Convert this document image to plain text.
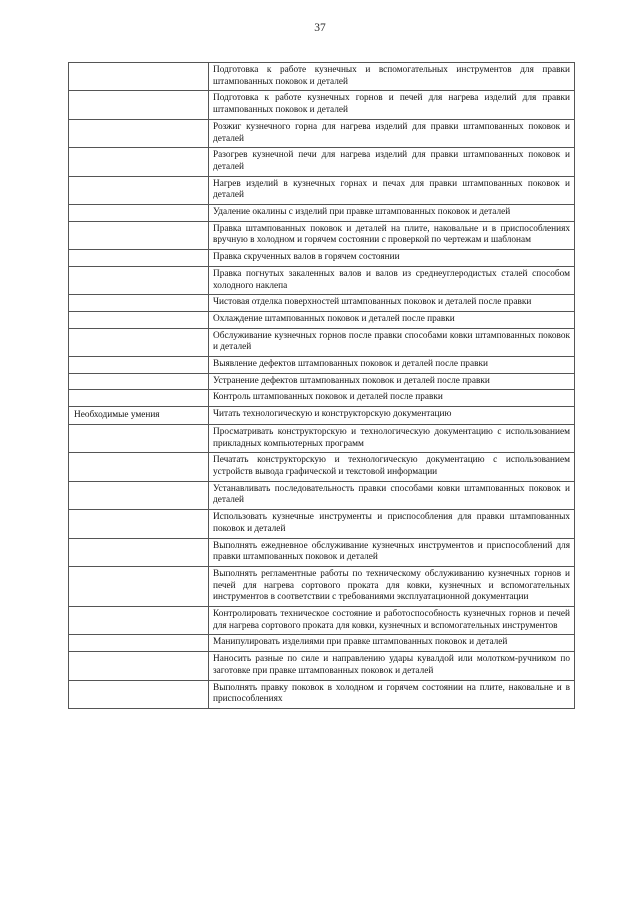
37
	Подготовка к работе кузнечных и вспомогательных инструментов для правки штампованных поковок и деталей
	Подготовка к работе кузнечных горнов и печей для нагрева изделий для правки штампованных поковок и деталей
	Розжиг кузнечного горна для нагрева изделий для правки штампованных поковок и деталей
	Разогрев кузнечной печи для нагрева изделий для правки штампованных поковок и деталей
	Нагрев изделий в кузнечных горнах и печах для правки штампованных поковок и деталей
	Удаление окалины с изделий при правке штампованных поковок и деталей
	Правка штампованных поковок и деталей на плите, наковальне и в приспособлениях вручную в холодном и горячем состоянии с проверкой по чертежам и шаблонам
	Правка скрученных валов в горячем состоянии
	Правка погнутых закаленных валов и валов из среднеуглеродистых сталей способом холодного наклепа
	Чистовая отделка поверхностей штампованных поковок и деталей после правки
	Охлаждение штампованных поковок и деталей после правки
	Обслуживание кузнечных горнов после правки способами ковки штампованных поковок и деталей
	Выявление дефектов штампованных поковок и деталей после правки
	Устранение дефектов штампованных поковок и деталей после правки
	Контроль штампованных поковок и деталей после правки
Необходимые умения	Читать технологическую и конструкторскую документацию
	Просматривать конструкторскую и технологическую документацию с использованием прикладных компьютерных программ
	Печатать конструкторскую и технологическую документацию с использованием устройств вывода графической и текстовой информации
	Устанавливать последовательность правки способами ковки штампованных поковок и деталей
	Использовать кузнечные инструменты и приспособления для правки штампованных поковок и деталей
	Выполнять ежедневное обслуживание кузнечных инструментов и приспособлений для правки штампованных поковок и деталей
	Выполнять регламентные работы по техническому обслуживанию кузнечных горнов и печей для нагрева сортового проката для ковки, кузнечных и вспомогательных инструментов в соответствии с требованиями эксплуатационной документации
	Контролировать техническое состояние и работоспособность кузнечных горнов и печей для нагрева сортового проката для ковки, кузнечных и вспомогательных инструментов
	Манипулировать изделиями при правке штампованных поковок и деталей
	Наносить разные по силе и направлению удары кувалдой или молотком-ручником по заготовке при правке штампованных поковок и деталей
	Выполнять правку поковок в холодном и горячем состоянии на плите, наковальне и в приспособлениях
